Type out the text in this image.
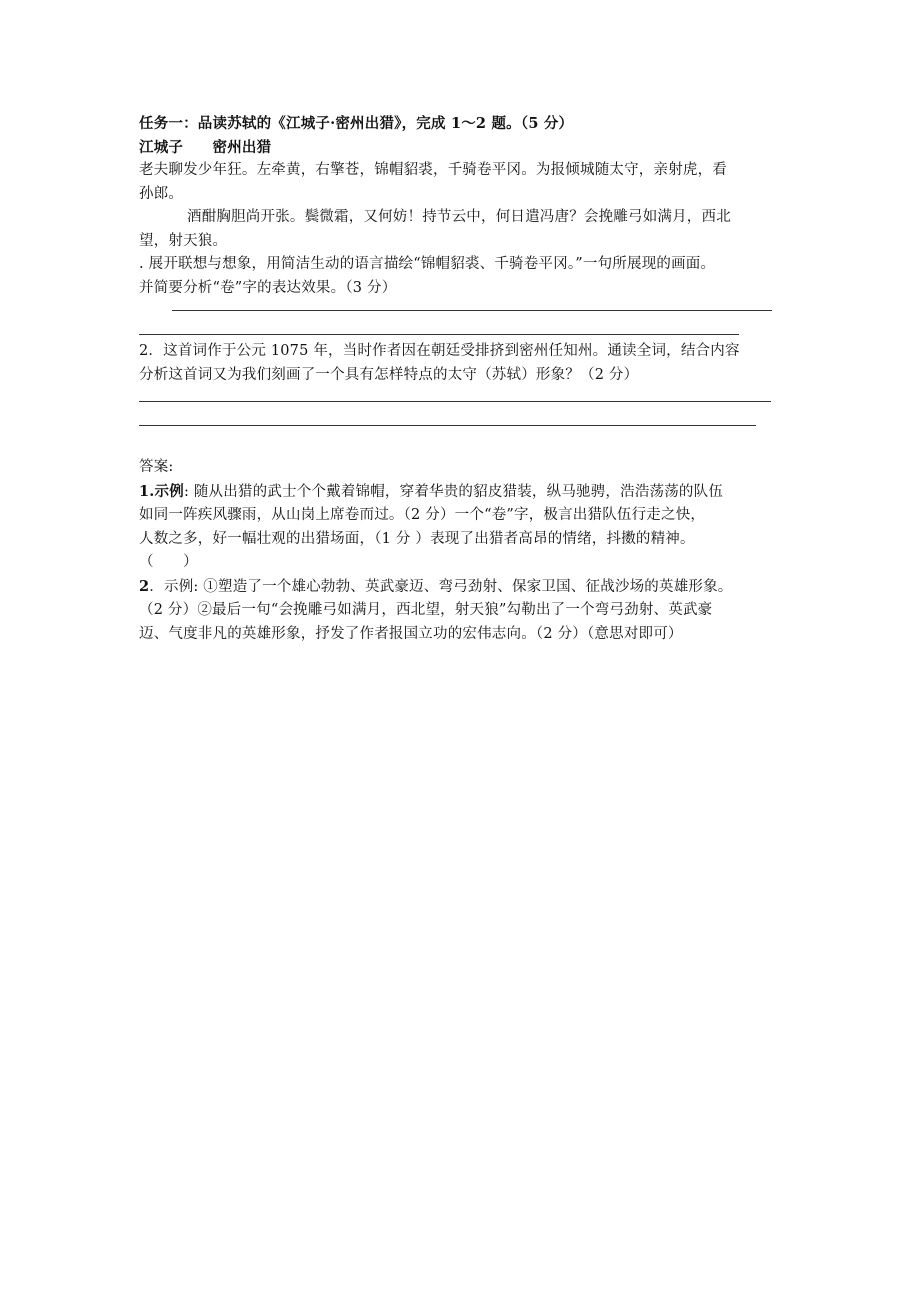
任务一：品读苏轼的《江城子·密州出猎》，完成 1～2 题。（5 分）
江城子　　密州出猎
老夫聊发少年狂。左牵黄，右擎苍，锦帽貂裘，千骑卷平冈。为报倾城随太守，亲射虎，看
孙郎。
酒酣胸胆尚开张。鬓微霜，又何妨！持节云中，何日遣冯唐？会挽雕弓如满月，西北
望，射天狼。
. 展开联想与想象，用简洁生动的语言描绘“锦帽貂裘、千骑卷平冈。”一句所展现的画面。
并简要分析“卷”字的表达效果。（3 分）
2．这首词作于公元 1075 年，当时作者因在朝廷受排挤到密州任知州。通读全词，结合内容
分析这首词又为我们刻画了一个具有怎样特点的太守（苏轼）形象？（2 分）
答案:
1.示例: 随从出猎的武士个个戴着锦帽，穿着华贵的貂皮猎装，纵马驰骋，浩浩荡荡的队伍
如同一阵疾风骤雨，从山岗上席卷而过。（2 分）一个“卷”字，极言出猎队伍行走之快，
人数之多，好一幅壮观的出猎场面，（1 分 ）表现了出猎者高昂的情绪，抖擞的精神。
（　　）
2．示例: ①塑造了一个雄心勃勃、英武豪迈、弯弓劲射、保家卫国、征战沙场的英雄形象。
（2 分）②最后一句“会挽雕弓如满月，西北望，射天狼”勾勒出了一个弯弓劲射、英武豪
迈、气度非凡的英雄形象，抒发了作者报国立功的宏伟志向。（2 分）（意思对即可）
